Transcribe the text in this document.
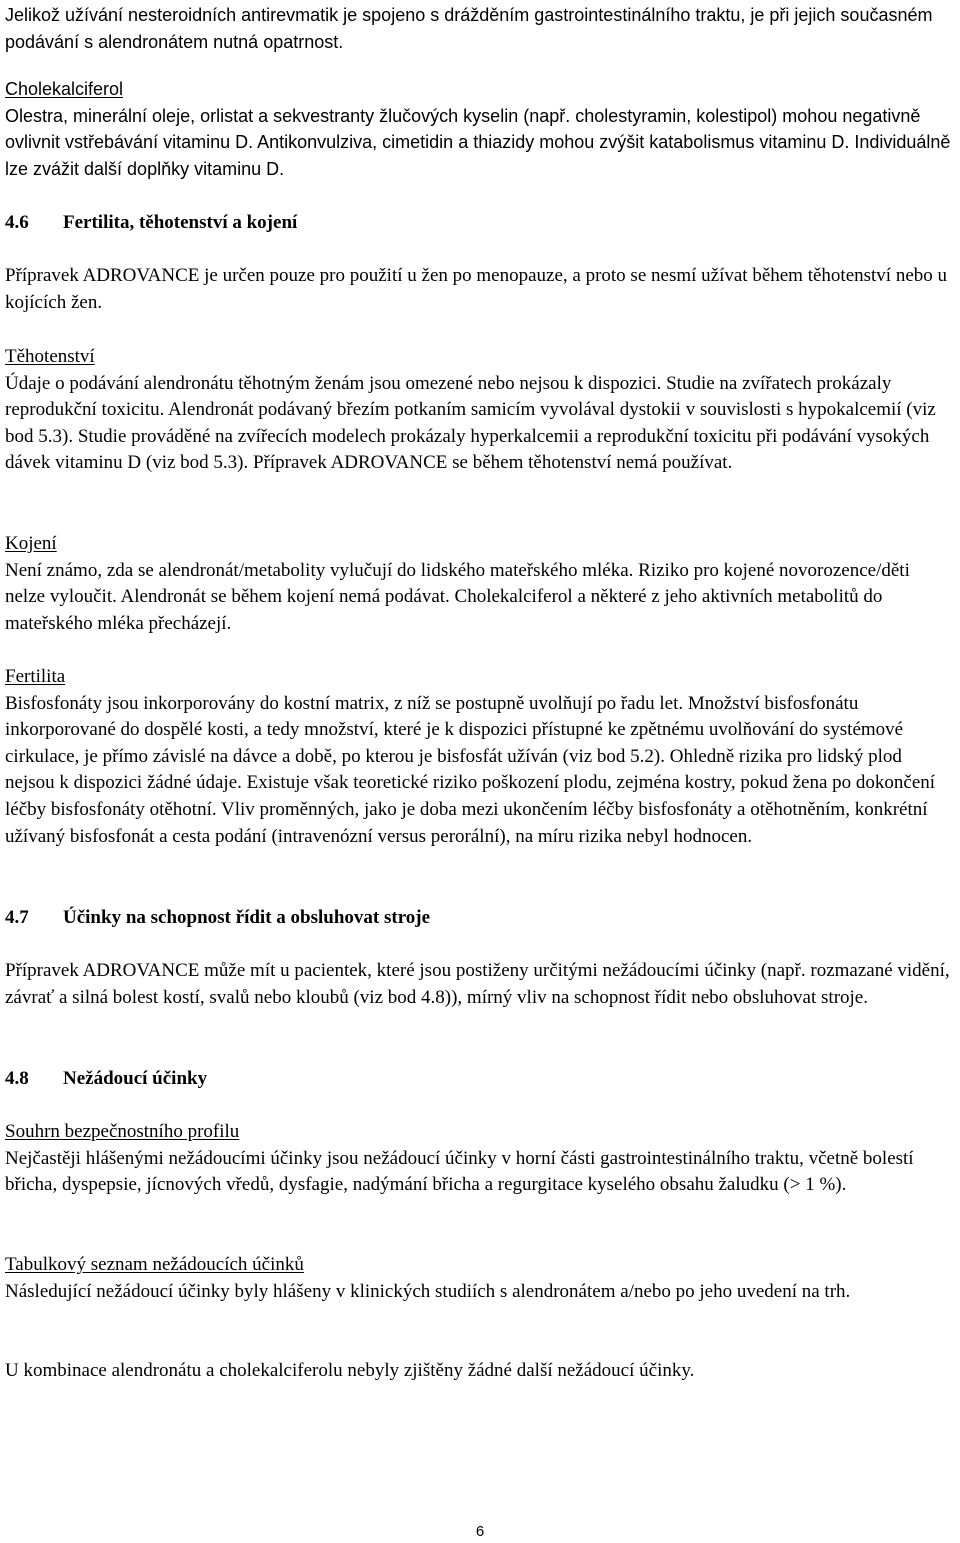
Jelikož užívání nesteroidních antirevmatik je spojeno s drážděním gastrointestinálního traktu, je při jejich současném podávání s alendronátem nutná opatrnost.

Cholekalciferol
Olestra, minerální oleje, orlistat a sekvestranty žlučových kyselin (např. cholestyramin, kolestipol) mohou negativně ovlivnit vstřebávání vitaminu D. Antikonvulziva, cimetidin a thiazidy mohou zvýšit katabolismus vitaminu D. Individuálně lze zvážit další doplňky vitaminu D.
4.6 Fertilita, těhotenství a kojení

Přípravek ADROVANCE je určen pouze pro použití u žen po menopauze, a proto se nesmí užívat během těhotenství nebo u kojících žen.

Těhotenství
Údaje o podávání alendronátu těhotným ženám jsou omezené nebo nejsou k dispozici. Studie na zvířatech prokázaly reprodukční toxicitu. Alendronát podávaný březím potkaním samicím vyvolával dystokii v souvislosti s hypokalcemií (viz bod 5.3). Studie prováděné na zvířecích modelech prokázaly hyperkalcemii a reprodukční toxicitu při podávání vysokých dávek vitaminu D (viz bod 5.3). Přípravek ADROVANCE se během těhotenství nemá používat.
Kojení
Není známo, zda se alendronát/metabolity vylučují do lidského mateřského mléka. Riziko pro kojené novorozence/děti nelze vyloučit. Alendronát se během kojení nemá podávat. Cholekalciferol a některé z jeho aktivních metabolitů do mateřského mléka přecházejí.
Fertilita
Bisfosfonáty jsou inkorporovány do kostní matrix, z níž se postupně uvolňují po řadu let. Množství bisfosfonátu inkorporované do dospělé kosti, a tedy množství, které je k dispozici přístupné ke zpětnému uvolňování do systémové cirkulace, je přímo závislé na dávce a době, po kterou je bisfosfát užíván (viz bod 5.2). Ohledně rizika pro lidský plod nejsou k dispozici žádné údaje. Existuje však teoretické riziko poškození plodu, zejména kostry, pokud žena po dokončení léčby bisfosfonáty otěhotní. Vliv proměnných, jako je doba mezi ukončením léčby bisfosfonáty a otěhotněním, konkrétní užívaný bisfosfonát a cesta podání (intravenózní versus perorální), na míru rizika nebyl hodnocen.
4.7 Účinky na schopnost řídit a obsluhovat stroje

Přípravek ADROVANCE může mít u pacientek, které jsou postiženy určitými nežádoucími účinky (např. rozmazané vidění, závrať a silná bolest kostí, svalů nebo kloubů (viz bod 4.8)), mírný vliv na schopnost řídit nebo obsluhovat stroje.

4.8 Nežádoucí účinky
Souhrn bezpečnostního profilu
Nejčastěji hlášenými nežádoucími účinky jsou nežádoucí účinky v horní části gastrointestinálního traktu, včetně bolestí břicha, dyspepsie, jícnových vředů, dysfagie, nadýmání břicha a regurgitace kyselého obsahu žaludku (> 1 %).
Tabulkový seznam nežádoucích účinků
Následující nežádoucí účinky byly hlášeny v klinických studiích s alendronátem a/nebo po jeho uvedení na trh.

U kombinace alendronátu a cholekalciferolu nebyly zjištěny žádné další nežádoucí účinky.

6
